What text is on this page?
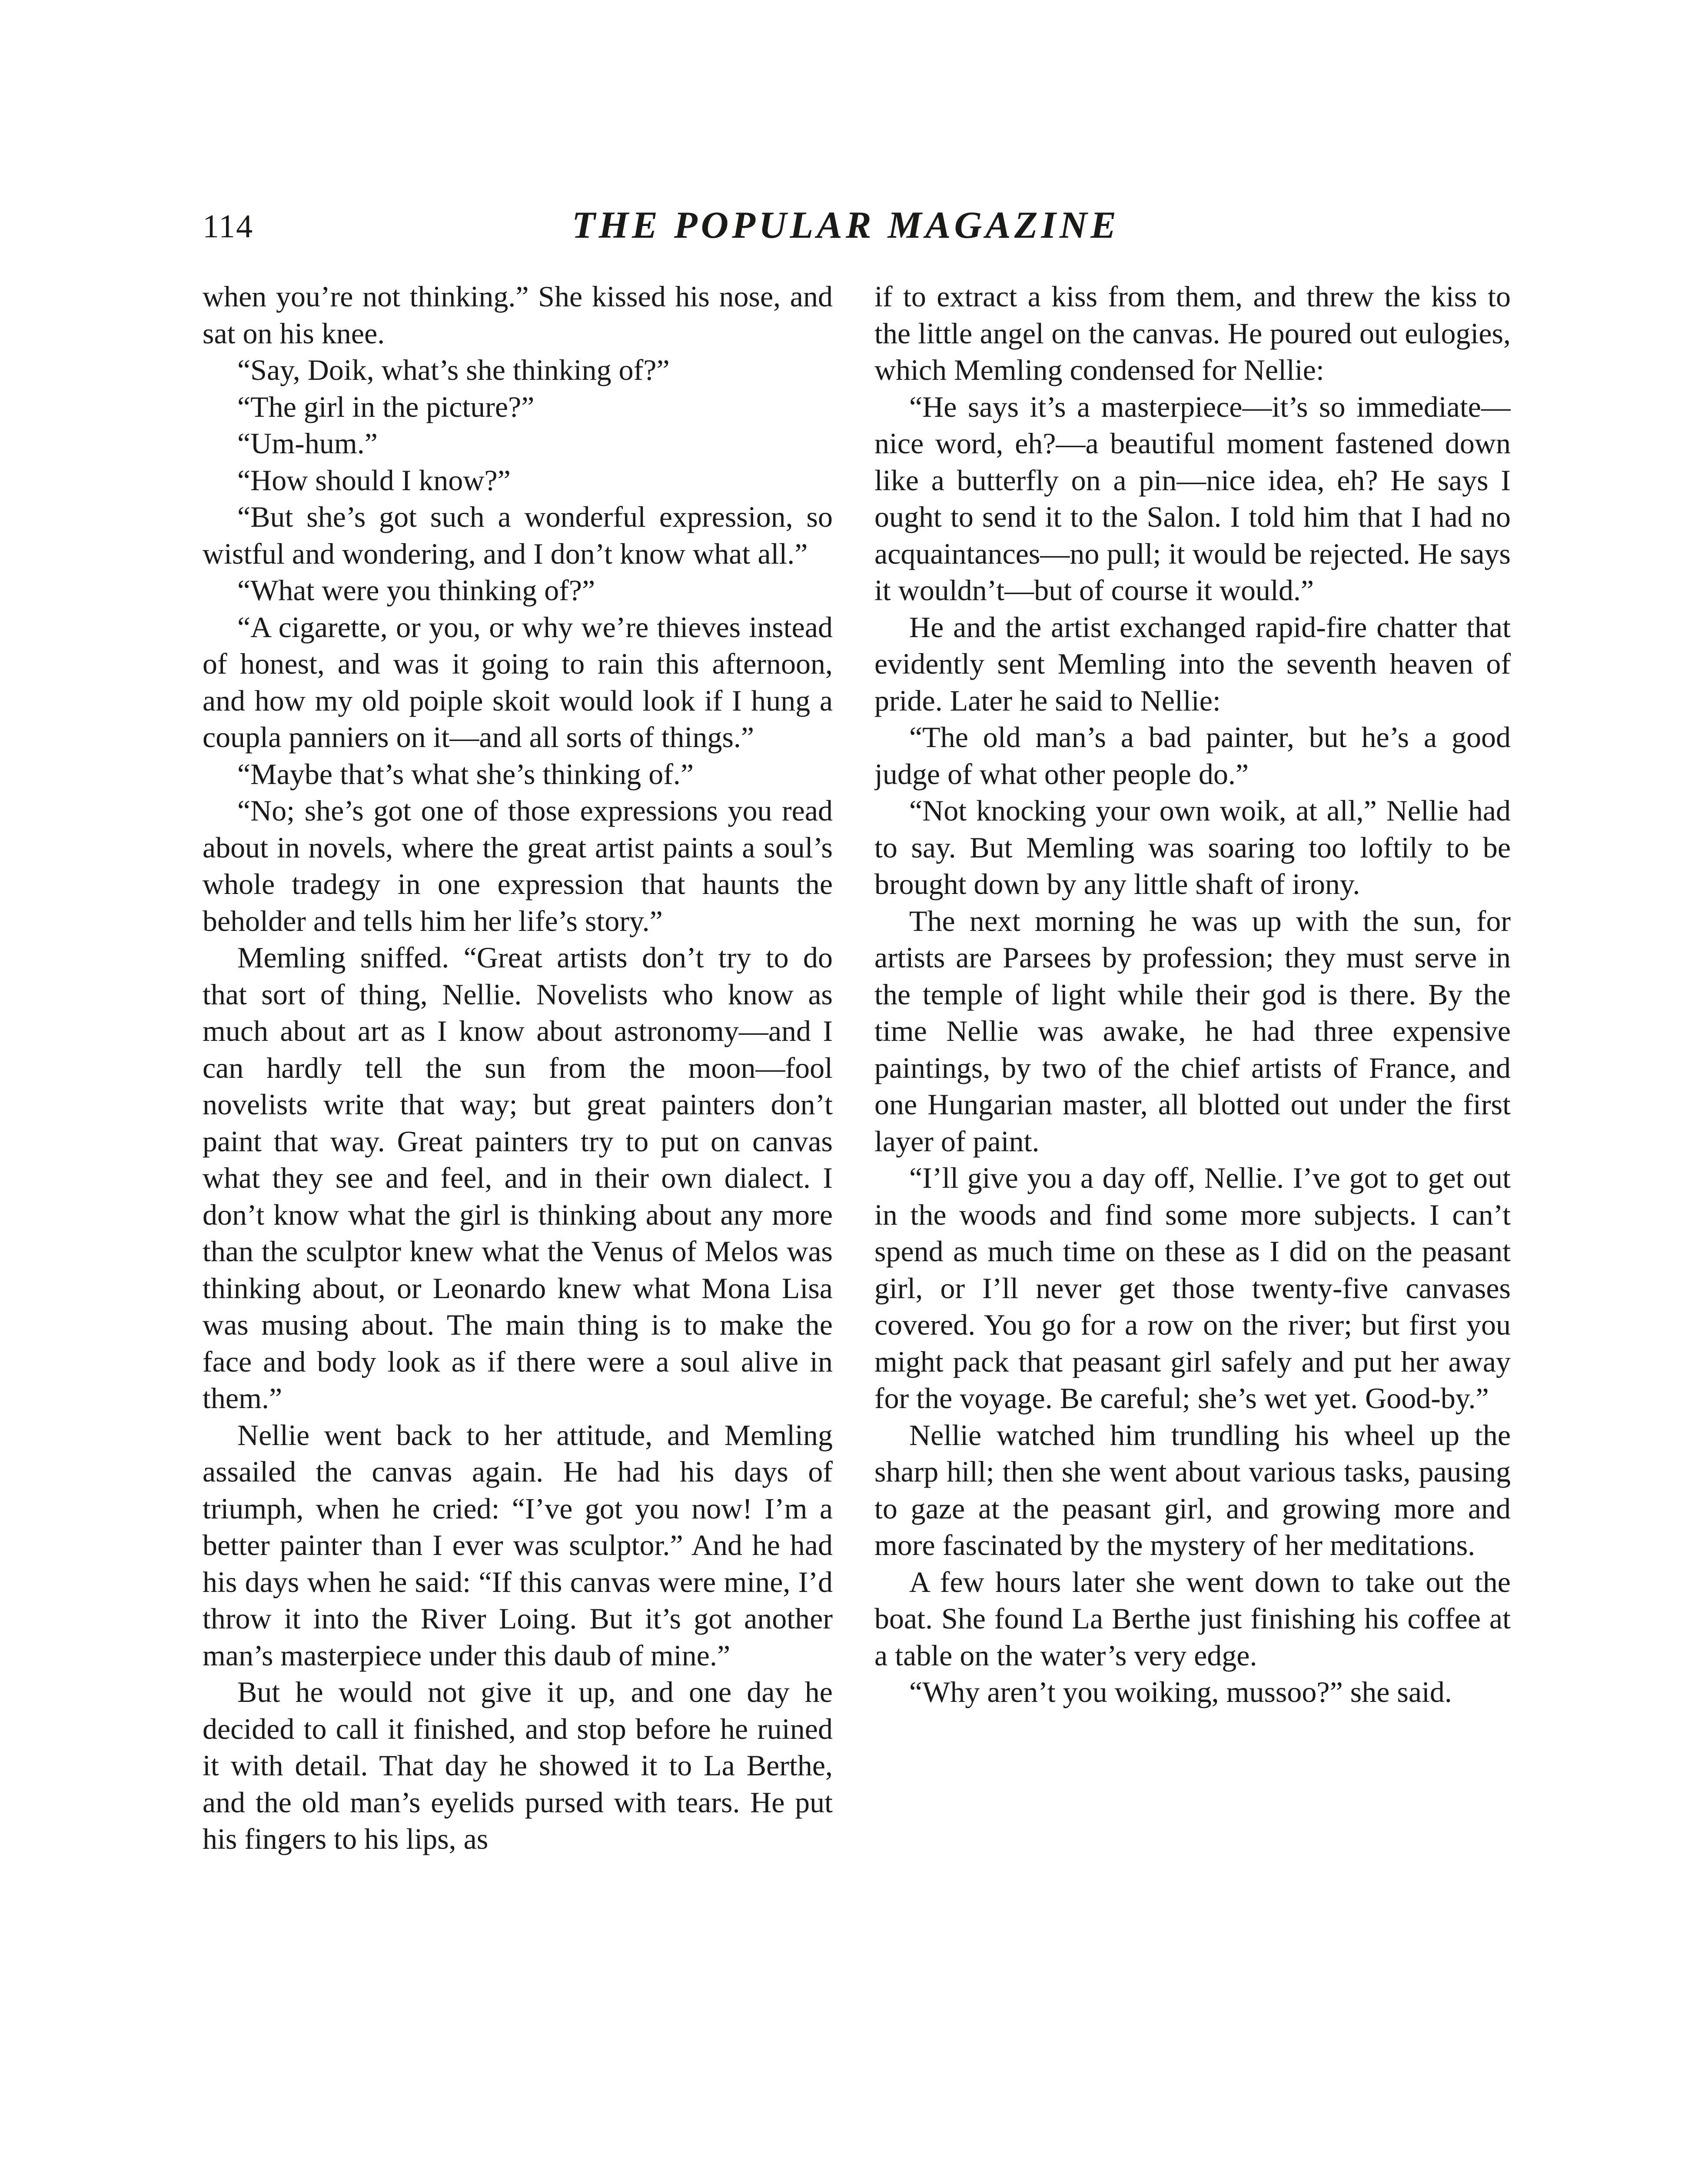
114	THE POPULAR MAGAZINE

when you’re not thinking.” She kissed his nose, and sat on his knee.

“Say, Doik, what’s she thinking of?”

“The girl in the picture?”

“Um-hum.”

“How should I know?”

“But she’s got such a wonderful expression, so wistful and wondering, and I don’t know what all.”

“What were you thinking of?”

“A cigarette, or you, or why we’re thieves instead of honest, and was it going to rain this afternoon, and how my old poiple skoit would look if I hung a coupla panniers on it—and all sorts of things.”

“Maybe that’s what she’s thinking of.”

“No; she’s got one of those expressions you read about in novels, where the great artist paints a soul’s whole tradegy in one expression that haunts the beholder and tells him her life’s story.”

Memling sniffed. “Great artists don’t try to do that sort of thing, Nellie. Novelists who know as much about art as I know about astronomy—and I can hardly tell the sun from the moon—fool novelists write that way; but great painters don’t paint that way. Great painters try to put on canvas what they see and feel, and in their own dialect. I don’t know what the girl is thinking about any more than the sculptor knew what the Venus of Melos was thinking about, or Leonardo knew what Mona Lisa was musing about. The main thing is to make the face and body look as if there were a soul alive in them.”

Nellie went back to her attitude, and Memling assailed the canvas again. He had his days of triumph, when he cried: “I’ve got you now! I’m a better painter than I ever was sculptor.” And he had his days when he said: “If this canvas were mine, I’d throw it into the River Loing. But it’s got another man’s masterpiece under this daub of mine.”

But he would not give it up, and one day he decided to call it finished, and stop before he ruined it with detail. That day he showed it to La Berthe, and the old man’s eyelids pursed with tears. He put his fingers to his lips, as

if to extract a kiss from them, and threw the kiss to the little angel on the canvas. He poured out eulogies, which Memling condensed for Nellie:

“He says it’s a masterpiece—it’s so immediate—nice word, eh?—a beautiful moment fastened down like a butterfly on a pin—nice idea, eh? He says I ought to send it to the Salon. I told him that I had no acquaintances—no pull; it would be rejected. He says it wouldn’t—but of course it would.”

He and the artist exchanged rapid-fire chatter that evidently sent Memling into the seventh heaven of pride. Later he said to Nellie:

“The old man’s a bad painter, but he’s a good judge of what other people do.”

“Not knocking your own woik, at all,” Nellie had to say. But Memling was soaring too loftily to be brought down by any little shaft of irony.

The next morning he was up with the sun, for artists are Parsees by profession; they must serve in the temple of light while their god is there. By the time Nellie was awake, he had three expensive paintings, by two of the chief artists of France, and one Hungarian master, all blotted out under the first layer of paint.

“I’ll give you a day off, Nellie. I’ve got to get out in the woods and find some more subjects. I can’t spend as much time on these as I did on the peasant girl, or I’ll never get those twenty-five canvases covered. You go for a row on the river; but first you might pack that peasant girl safely and put her away for the voyage. Be careful; she’s wet yet. Good-by.”

Nellie watched him trundling his wheel up the sharp hill; then she went about various tasks, pausing to gaze at the peasant girl, and growing more and more fascinated by the mystery of her meditations.

A few hours later she went down to take out the boat. She found La Berthe just finishing his coffee at a table on the water’s very edge.

“Why aren’t you woiking, mussoo?” she said.
